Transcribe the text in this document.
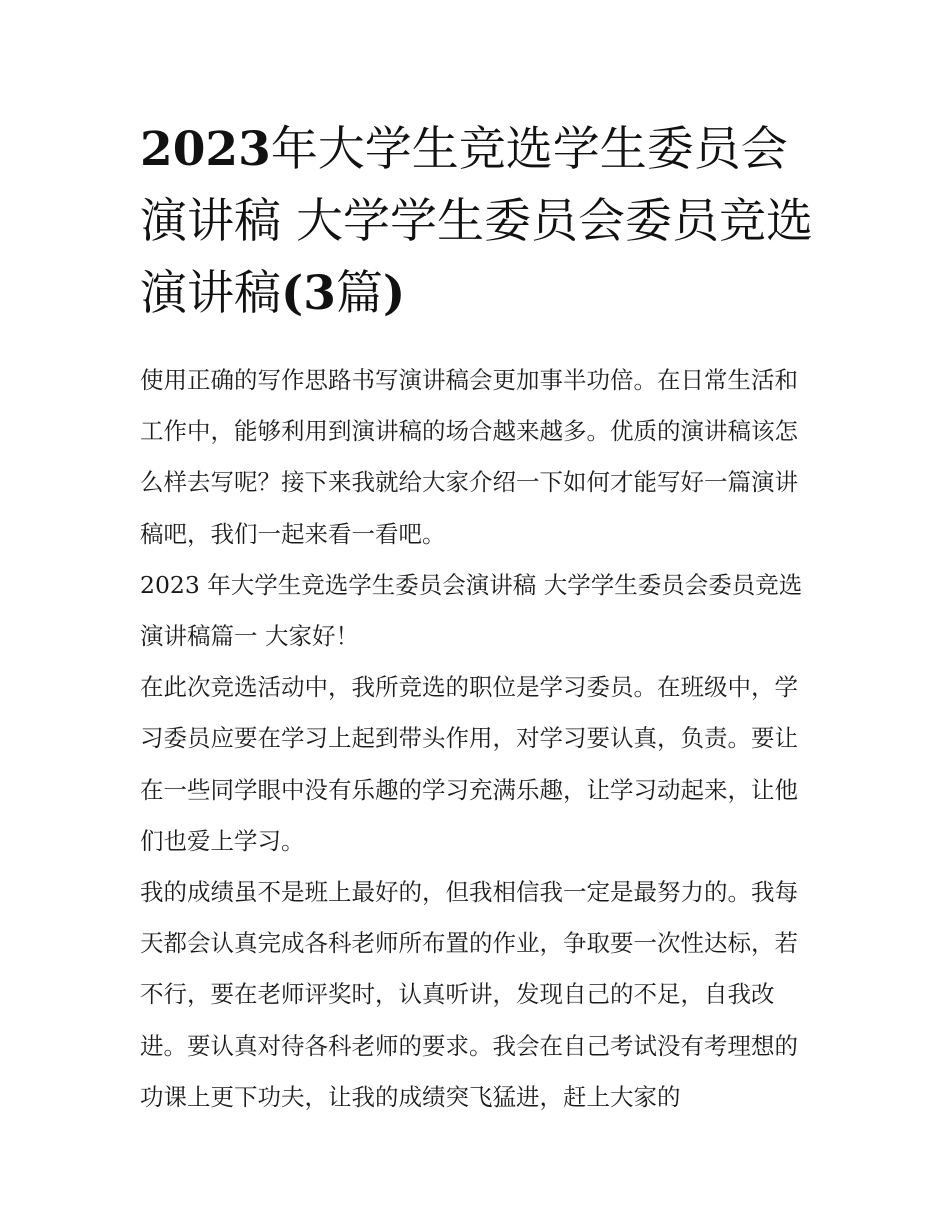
2023年大学生竞选学生委员会演讲稿 大学学生委员会委员竞选演讲稿(3篇)

使用正确的写作思路书写演讲稿会更加事半功倍。在日常生活和工作中，能够利用到演讲稿的场合越来越多。优质的演讲稿该怎么样去写呢？接下来我就给大家介绍一下如何才能写好一篇演讲稿吧，我们一起来看一看吧。

2023 年大学生竞选学生委员会演讲稿 大学学生委员会委员竞选演讲稿篇一 大家好！

在此次竞选活动中，我所竞选的职位是学习委员。在班级中，学习委员应要在学习上起到带头作用，对学习要认真，负责。要让在一些同学眼中没有乐趣的学习充满乐趣，让学习动起来，让他们也爱上学习。

我的成绩虽不是班上最好的，但我相信我一定是最努力的。我每天都会认真完成各科老师所布置的作业，争取要一次性达标，若不行，要在老师评奖时，认真听讲，发现自己的不足，自我改进。要认真对待各科老师的要求。我会在自己考试没有考理想的功课上更下功夫，让我的成绩突飞猛进，赶上大家的
